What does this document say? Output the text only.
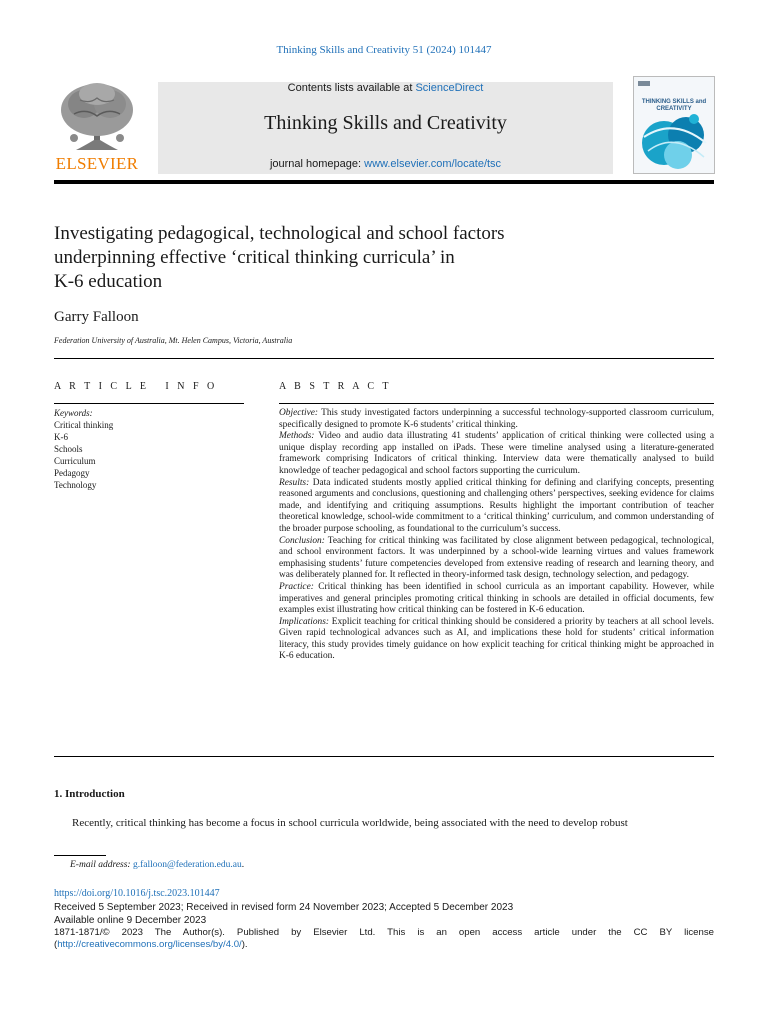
Thinking Skills and Creativity 51 (2024) 101447
ELSEVIER
Contents lists available at ScienceDirect
Thinking Skills and Creativity
journal homepage: www.elsevier.com/locate/tsc
THINKING SKILLS and CREATIVITY
Investigating pedagogical, technological and school factors
underpinning effective ‘critical thinking curricula’ in
K-6 education
Garry Falloon
Federation University of Australia, Mt. Helen Campus, Victoria, Australia
A R T I C L E   I N F O	A B S T R A C T
Keywords:
Critical thinking
K-6
Schools
Curriculum
Pedagogy
Technology

Objective: This study investigated factors underpinning a successful technology-supported classroom curriculum, specifically designed to promote K-6 students’ critical thinking.

Methods: Video and audio data illustrating 41 students’ application of critical thinking were collected using a unique display recording app installed on iPads. These were timeline analysed using a literature-generated framework comprising Indicators of critical thinking. Interview data were thematically analysed to build knowledge of teacher pedagogical and school factors supporting the curriculum.

Results: Data indicated students mostly applied critical thinking for defining and clarifying concepts, presenting reasoned arguments and conclusions, questioning and challenging others’ perspectives, seeking evidence for claims made, and identifying and critiquing assumptions. Results highlight the important contribution of teacher theoretical knowledge, school-wide commitment to a ‘critical thinking’ curriculum, and common understanding of the broader purpose schooling, as foundational to the curriculum’s success.

Conclusion: Teaching for critical thinking was facilitated by close alignment between pedagogical, technological, and school environment factors. It was underpinned by a school-wide learning virtues and values framework emphasising students’ future competencies developed from extensive reading of research and learning theory, and was deliberately planned for. It reflected in theory-informed task design, technology selection, and pedagogy.

Practice: Critical thinking has been identified in school curricula as an important capability. However, while imperatives and general principles promoting critical thinking in schools are detailed in official documents, few examples exist illustrating how critical thinking can be fostered in K-6 education.

Implications: Explicit teaching for critical thinking should be considered a priority by teachers at all school levels. Given rapid technological advances such as AI, and implications these hold for students’ critical information literacy, this study provides timely guidance on how explicit teaching for critical thinking might be approached in K-6 education.

1. Introduction
Recently, critical thinking has become a focus in school curricula worldwide, being associated with the need to develop robust
E-mail address: g.falloon@federation.edu.au.
https://doi.org/10.1016/j.tsc.2023.101447
Received 5 September 2023; Received in revised form 24 November 2023; Accepted 5 December 2023
Available online 9 December 2023
1871-1871/© 2023 The Author(s). Published by Elsevier Ltd. This is an open access article under the CC BY license (http://creativecommons.org/licenses/by/4.0/).
